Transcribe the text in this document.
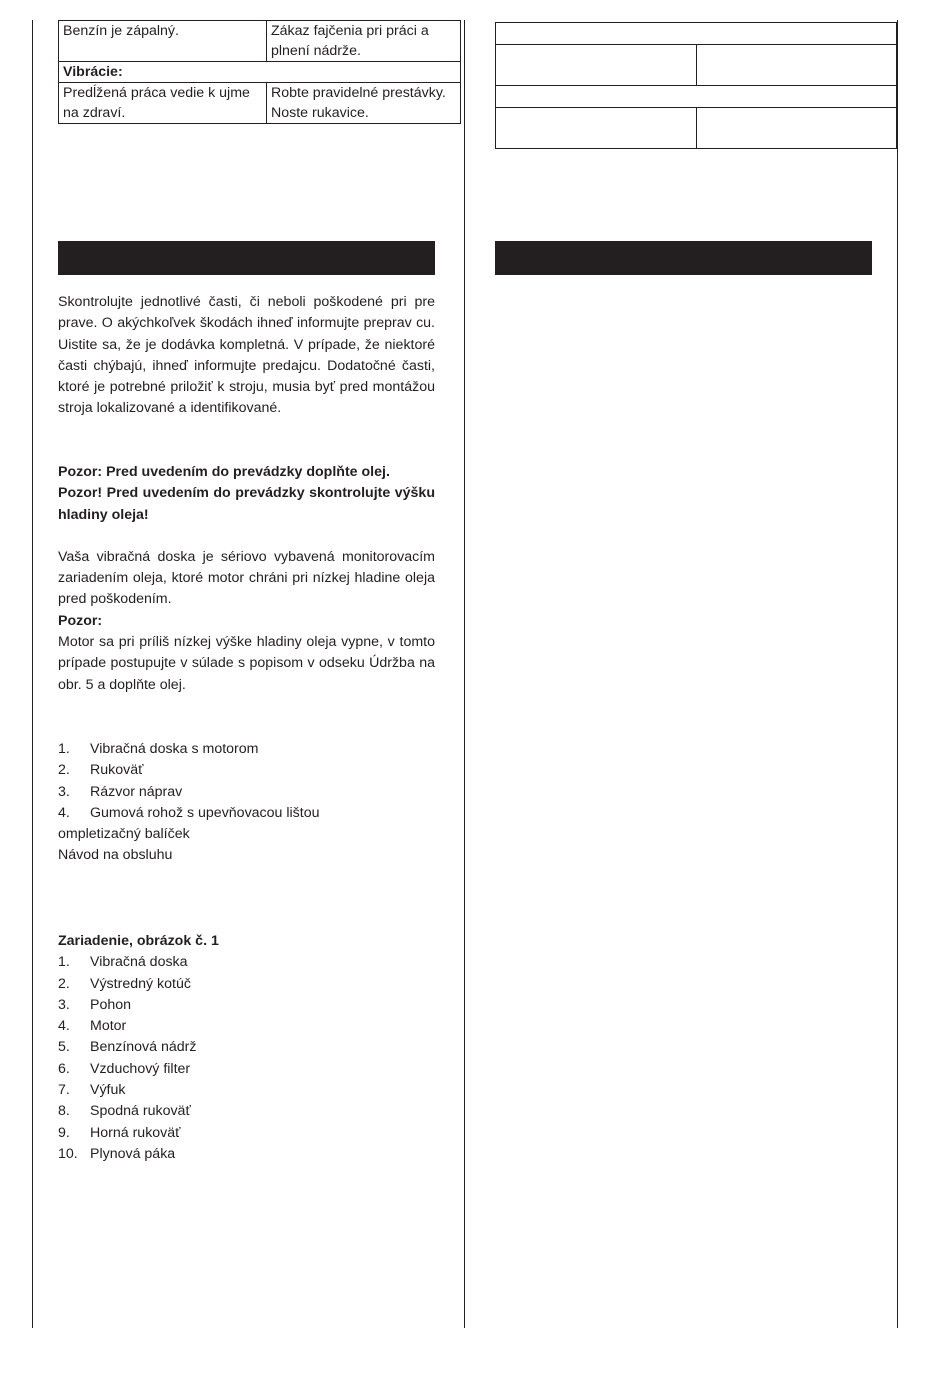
Benzín je zápalný.	Zákaz fajčenia pri práci a plnení nádrže.
Vibrácie:	
Predĺžená práca vedie k ujme na zdraví.	Robte pravidelné prestávky. Noste rukavice.

Skontrolujte jednotlivé časti, či neboli poškodené pri pre prave. O akýchkoľvek škodách ihneď informujte preprav cu. Uistite sa, že je dodávka kompletná. V prípade, že niektoré časti chýbajú, ihneď informujte predajcu. Dodatočné časti, ktoré je potrebné priložiť k stroju, musia byť pred montážou stroja lokalizované a identifikované.

Pozor: Pred uvedením do prevádzky doplňte olej.

Pozor! Pred uvedením do prevádzky skontrolujte výšku hladiny oleja!

Vaša vibračná doska je sériovo vybavená monitorovacím zariadením oleja, ktoré motor chráni pri nízkej hladine oleja pred poškodením.

Pozor:

Motor sa pri príliš nízkej výške hladiny oleja vypne, v tomto prípade postupujte v súlade s popisom v odseku Údržba na obr. 5 a doplňte olej.

1.	Vibračná doska s motorom
2.	Rukoväť
3.	Rázvor náprav
4.	Gumová rohož s upevňovacou lištou
ompletizačný balíček
Návod na obsluhu
Zariadenie, obrázok č. 1
1.	Vibračná doska
2.	Výstredný kotúč
3.	Pohon
4.	Motor
5.	Benzínová nádrž
6.	Vzduchový filter
7.	Výfuk
8.	Spodná rukoväť
9.	Horná rukoväť
10. Plynová páka
